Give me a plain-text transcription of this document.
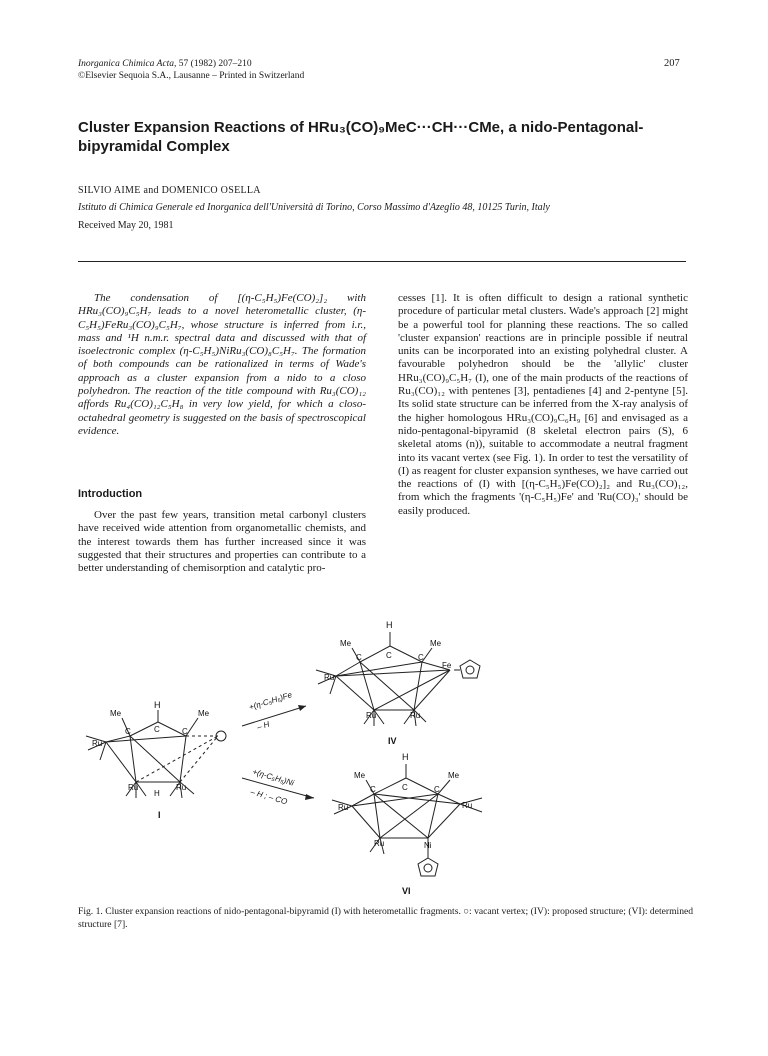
Inorganica Chimica Acta, 57 (1982) 207–210
©Elsevier Sequoia S.A., Lausanne – Printed in Switzerland
207
Cluster Expansion Reactions of HRu₃(CO)₉MeC···CH···CMe, a nido-Pentagonal-bipyramidal Complex
SILVIO AIME and DOMENICO OSELLA
Istituto di Chimica Generale ed Inorganica dell'Università di Torino, Corso Massimo d'Azeglio 48, 10125 Turin, Italy
Received May 20, 1981

The condensation of [(η-C₅H₅)Fe(CO)₂]₂ with HRu₃(CO)₉C₅H₇ leads to a novel heterometallic cluster, (η-C₅H₅)FeRu₃(CO)₉C₅H₇, whose structure is inferred from i.r., mass and ¹H n.m.r. spectral data and discussed with that of isoelectronic complex (η-C₅H₅)NiRu₃(CO)₈C₅H₇. The formation of both compounds can be rationalized in terms of Wade's approach as a cluster expansion from a nido to a closo polyhedron. The reaction of the title compound with Ru₃(CO)₁₂ affords Ru₄(CO)₁₂C₅H₈ in very low yield, for which a closo-octahedral geometry is suggested on the basis of spectroscopical evidence.

Introduction

Over the past few years, transition metal carbonyl clusters have received wide attention from organometallic chemists, and the interest towards them has further increased since it was suggested that their structures and properties can contribute to a better understanding of chemisorption and catalytic pro-

cesses [1]. It is often difficult to design a rational synthetic procedure of particular metal clusters. Wade's approach [2] might be a powerful tool for planning these reactions. The so called 'cluster expansion' reactions are in principle possible if neutral units can be incorporated into an existing polyhedral cluster. A favourable polyhedron should be the 'allylic' cluster HRu₃(CO)₉C₅H₇ (I), one of the main products of the reactions of Ru₃(CO)₁₂ with pentenes [3], pentadienes [4] and 2-pentyne [5]. Its solid state structure can be inferred from the X-ray analysis of the higher homologous HRu₃(CO)₉C₆H₉ [6] and envisaged as a nido-pentagonal-bipyramid (8 skeletal electron pairs (S), 6 skeletal atoms (n)), suitable to accommodate a neutral fragment into its vacant vertex (see Fig. 1). In order to test the versatility of (I) as reagent for cluster expansion syntheses, we have carried out the reactions of (I) with [(η-C₅H₅)Fe(CO)₂]₂ and Ru₃(CO)₁₂, from which the fragments '(η-C₅H₅)Fe' and 'Ru(CO)₃' should be easily produced.

H
Me	Me
C	C	C
Ru
Ru	Ru
H
I
+(η-C₅H₅)Fe
– H
+(η-C₅H₅)Ni
– H ; – CO
H
Me	Me
C	C	C
Ru
Fe
Ru	Ru
IV
H
Me	Me
C	C	C
Ru	Ru
Ru	Ni
VI
Fig. 1. Cluster expansion reactions of nido-pentagonal-bipyramid (I) with heterometallic fragments. ○: vacant vertex; (IV): proposed structure; (VI): determined structure [7].
